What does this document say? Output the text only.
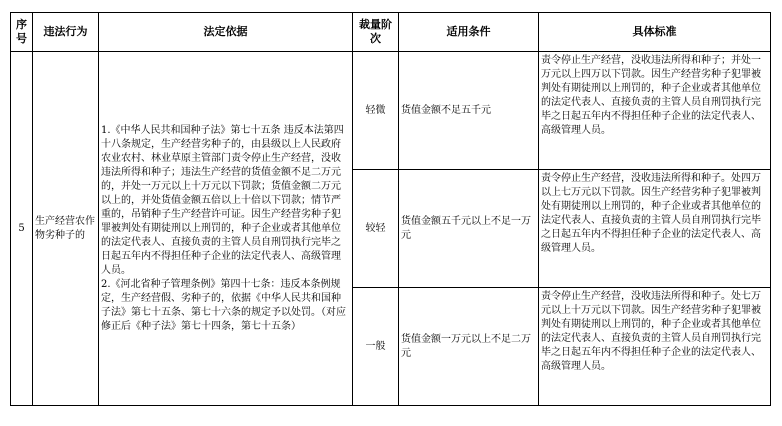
序号	违法行为	法定依据	裁量阶次	适用条件	具体标准
5	生产经营农作物劣种子的	1.《中华人民共和国种子法》第七十五条 违反本法第四十八条规定，生产经营劣种子的，由县级以上人民政府农业农村、林业草原主管部门责令停止生产经营，没收违法所得和种子；违法生产经营的货值金额不足二万元的，并处一万元以上十万元以下罚款；货值金额二万元以上的，并处货值金额五倍以上十倍以下罚款；情节严重的，吊销种子生产经营许可证。因生产经营劣种子犯罪被判处有期徒刑以上刑罚的，种子企业或者其他单位的法定代表人、直接负责的主管人员自刑罚执行完毕之日起五年内不得担任种子企业的法定代表人、高级管理人员。

2.《河北省种子管理条例》第四十七条：违反本条例规定，生产经营假、劣种子的，依据《中华人民共和国种子法》第七十五条、第七十六条的规定予以处罚。（对应修正后《种子法》第七十四条，第七十五条）	轻微	货值金额不足五千元	责令停止生产经营，没收违法所得和种子；并处一万元以上四万以下罚款。因生产经营劣种子犯罪被判处有期徒刑以上刑罚的，种子企业或者其他单位的法定代表人、直接负责的主管人员自刑罚执行完毕之日起五年内不得担任种子企业的法定代表人、高级管理人员。
			较轻	货值金额五千元以上不足一万元	责令停止生产经营，没收违法所得和种子。处四万以上七万元以下罚款。因生产经营劣种子犯罪被判处有期徒刑以上刑罚的，种子企业或者其他单位的法定代表人、直接负责的主管人员自刑罚执行完毕之日起五年内不得担任种子企业的法定代表人、高级管理人员。
			一般	货值金额一万元以上不足二万元	责令停止生产经营，没收违法所得和种子。处七万元以上十万元以下罚款。因生产经营劣种子犯罪被判处有期徒刑以上刑罚的，种子企业或者其他单位的法定代表人、直接负责的主管人员自刑罚执行完毕之日起五年内不得担任种子企业的法定代表人、高级管理人员。
